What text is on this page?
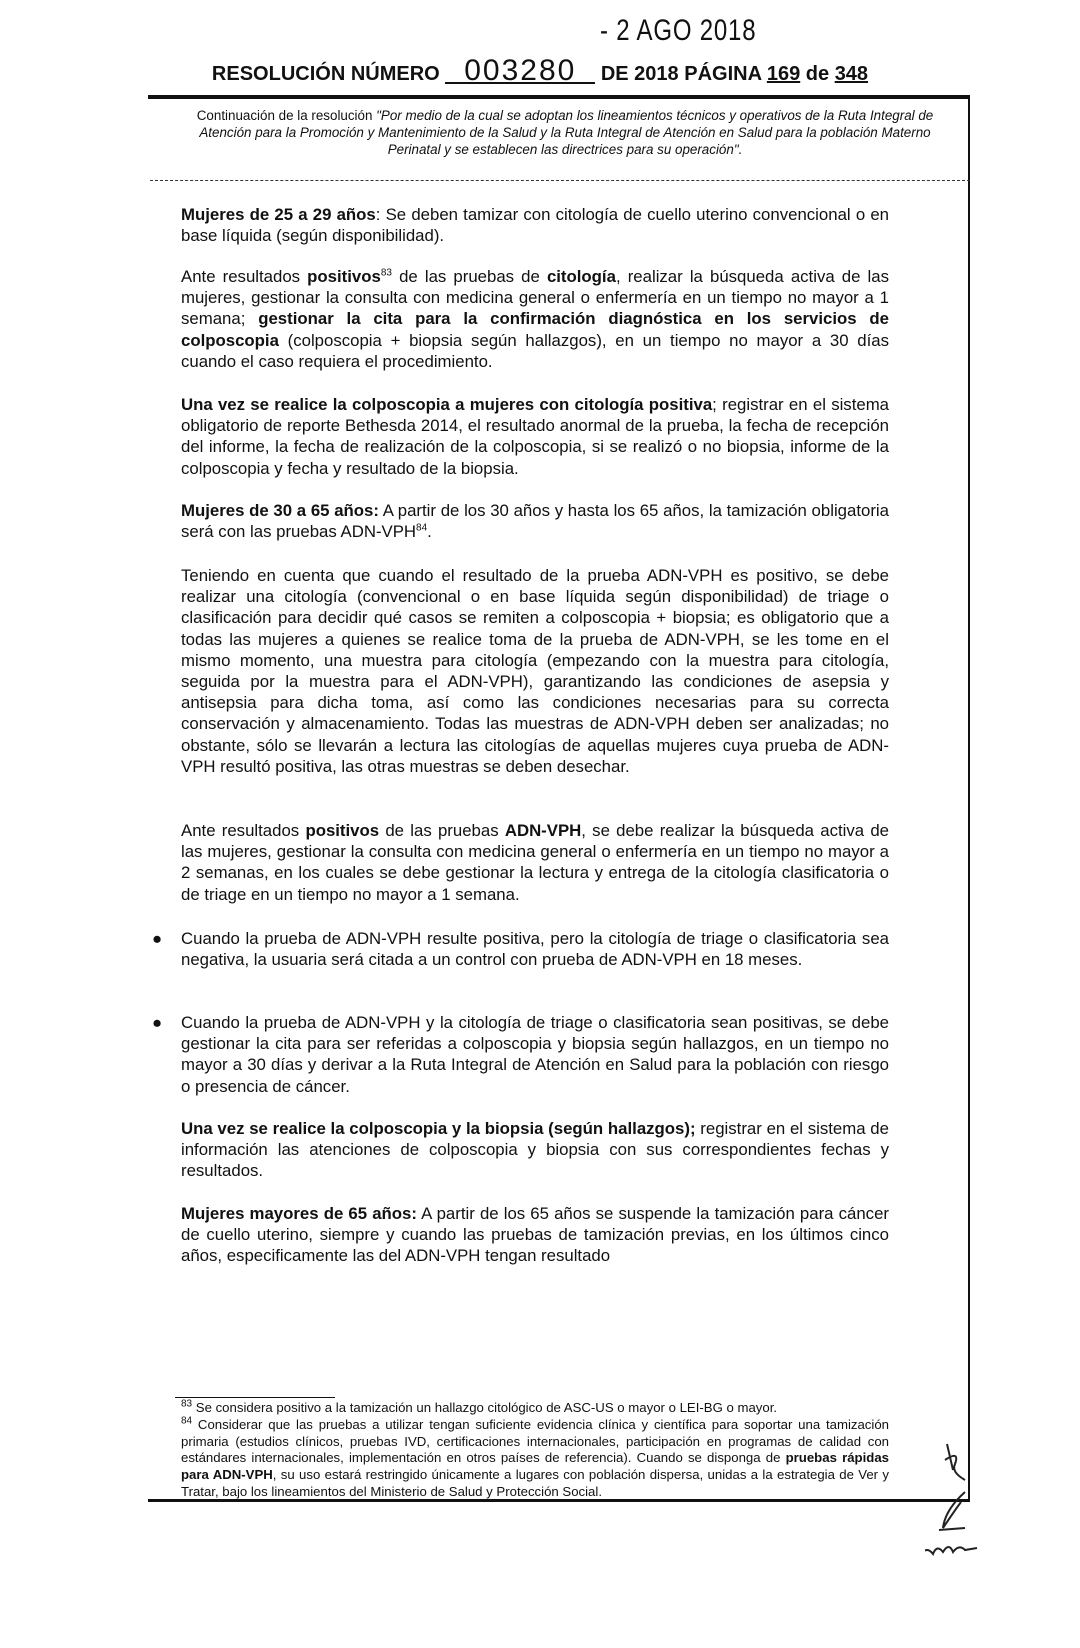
- 2 AGO 2018
RESOLUCIÓN NÚMERO 003280 DE 2018 PÁGINA 169 de 348
Continuación de la resolución "Por medio de la cual se adoptan los lineamientos técnicos y operativos de la Ruta Integral de Atención para la Promoción y Mantenimiento de la Salud y la Ruta Integral de Atención en Salud para la población Materno Perinatal y se establecen las directrices para su operación".
Mujeres de 25 a 29 años: Se deben tamizar con citología de cuello uterino convencional o en base líquida (según disponibilidad).
Ante resultados positivos$^{83}$ de las pruebas de citología, realizar la búsqueda activa de las mujeres, gestionar la consulta con medicina general o enfermería en un tiempo no mayor a 1 semana; gestionar la cita para la confirmación diagnóstica en los servicios de colposcopia (colposcopia + biopsia según hallazgos), en un tiempo no mayor a 30 días cuando el caso requiera el procedimiento.
Una vez se realice la colposcopia a mujeres con citología positiva; registrar en el sistema obligatorio de reporte Bethesda 2014, el resultado anormal de la prueba, la fecha de recepción del informe, la fecha de realización de la colposcopia, si se realizó o no biopsia, informe de la colposcopia y fecha y resultado de la biopsia.
Mujeres de 30 a 65 años: A partir de los 30 años y hasta los 65 años, la tamización obligatoria será con las pruebas ADN-VPH$^{84}$.
Teniendo en cuenta que cuando el resultado de la prueba ADN-VPH es positivo, se debe realizar una citología (convencional o en base líquida según disponibilidad) de triage o clasificación para decidir qué casos se remiten a colposcopia + biopsia; es obligatorio que a todas las mujeres a quienes se realice toma de la prueba de ADN-VPH, se les tome en el mismo momento, una muestra para citología (empezando con la muestra para citología, seguida por la muestra para el ADN-VPH), garantizando las condiciones de asepsia y antisepsia para dicha toma, así como las condiciones necesarias para su correcta conservación y almacenamiento. Todas las muestras de ADN-VPH deben ser analizadas; no obstante, sólo se llevarán a lectura las citologías de aquellas mujeres cuya prueba de ADN-VPH resultó positiva, las otras muestras se deben desechar.
Ante resultados positivos de las pruebas ADN-VPH, se debe realizar la búsqueda activa de las mujeres, gestionar la consulta con medicina general o enfermería en un tiempo no mayor a 2 semanas, en los cuales se debe gestionar la lectura y entrega de la citología clasificatoria o de triage en un tiempo no mayor a 1 semana.
● Cuando la prueba de ADN-VPH resulte positiva, pero la citología de triage o clasificatoria sea negativa, la usuaria será citada a un control con prueba de ADN-VPH en 18 meses.
● Cuando la prueba de ADN-VPH y la citología de triage o clasificatoria sean positivas, se debe gestionar la cita para ser referidas a colposcopia y biopsia según hallazgos, en un tiempo no mayor a 30 días y derivar a la Ruta Integral de Atención en Salud para la población con riesgo o presencia de cáncer.
Una vez se realice la colposcopia y la biopsia (según hallazgos); registrar en el sistema de información las atenciones de colposcopia y biopsia con sus correspondientes fechas y resultados.
Mujeres mayores de 65 años: A partir de los 65 años se suspende la tamización para cáncer de cuello uterino, siempre y cuando las pruebas de tamización previas, en los últimos cinco años, especificamente las del ADN-VPH tengan resultado
$^{83}$ Se considera positivo a la tamización un hallazgo citológico de ASC-US o mayor o LEI-BG o mayor.
$^{84}$ Considerar que las pruebas a utilizar tengan suficiente evidencia clínica y científica para soportar una tamización primaria (estudios clínicos, pruebas IVD, certificaciones internacionales, participación en programas de calidad con estándares internacionales, implementación en otros países de referencia). Cuando se disponga de pruebas rápidas para ADN-VPH, su uso estará restringido únicamente a lugares con población dispersa, unidas a la estrategia de Ver y Tratar, bajo los lineamientos del Ministerio de Salud y Protección Social.
